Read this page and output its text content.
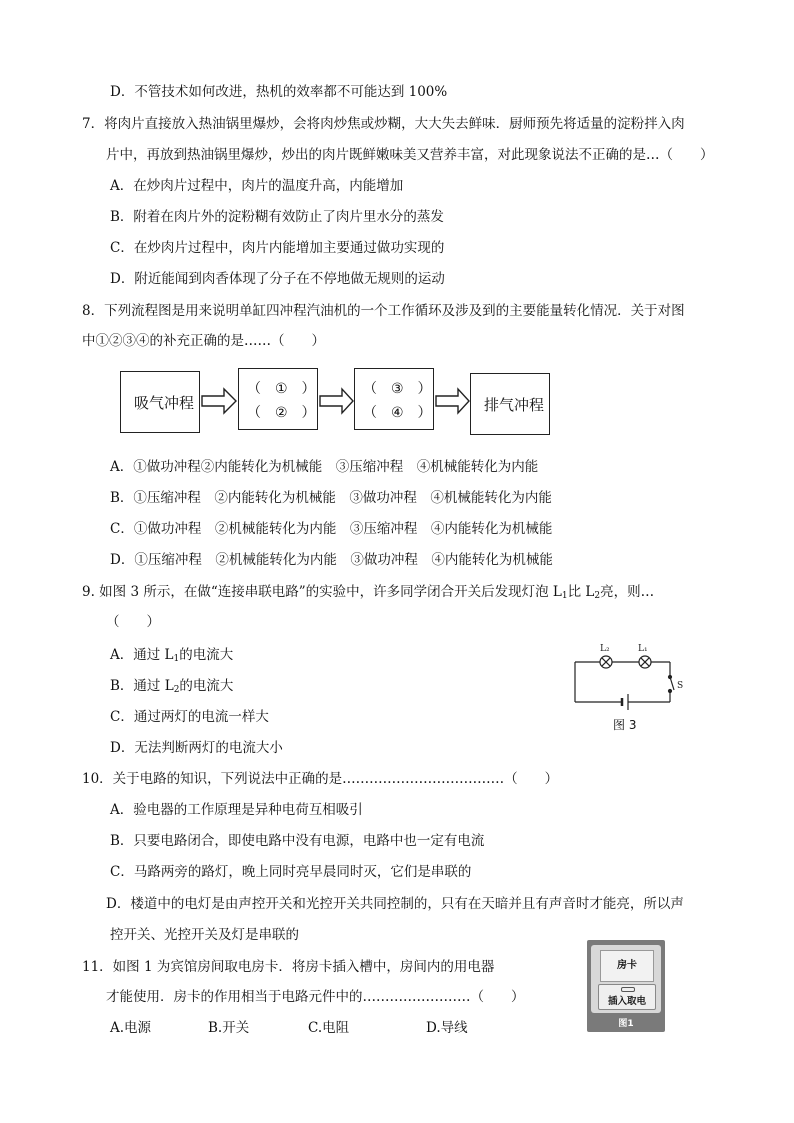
D．不管技术如何改进，热机的效率都不可能达到 100%
7．将肉片直接放入热油锅里爆炒，会将肉炒焦或炒糊，大大失去鲜味．厨师预先将适量的淀粉拌入肉
片中，再放到热油锅里爆炒，炒出的肉片既鲜嫩味美又营养丰富，对此现象说法不正确的是…（　　）
A．在炒肉片过程中，肉片的温度升高，内能增加
B．附着在肉片外的淀粉糊有效防止了肉片里水分的蒸发
C．在炒肉片过程中，肉片内能增加主要通过做功实现的
D．附近能闻到肉香体现了分子在不停地做无规则的运动
8．下列流程图是用来说明单缸四冲程汽油机的一个工作循环及涉及到的主要能量转化情况．关于对图
中①②③④的补充正确的是……（　　）
吸气冲程
（　①　）
（　②　）
（　③　）
（　④　）	排气冲程
A．①做功冲程②内能转化为机械能　③压缩冲程　④机械能转化为内能
B．①压缩冲程　②内能转化为机械能　③做功冲程　④机械能转化为内能
C．①做功冲程　②机械能转化为内能　③压缩冲程　④内能转化为机械能
D．①压缩冲程　②机械能转化为内能　③做功冲程　④内能转化为机械能
9. 如图 3 所示，在做“连接串联电路”的实验中，许多同学闭合开关后发现灯泡 $L_1$比 $L_2$亮，则…
（　　）
A．通过 $L_1$的电流大
B．通过 $L_2$的电流大
C．通过两灯的电流一样大
D．无法判断两灯的电流大小
L₂	L₁
S
图 3
10．关于电路的知识，下列说法中正确的是………………………………（　　）
A．验电器的工作原理是异种电荷互相吸引
B．只要电路闭合，即使电路中没有电源，电路中也一定有电流
C．马路两旁的路灯，晚上同时亮早晨同时灭，它们是串联的
D．楼道中的电灯是由声控开关和光控开关共同控制的，只有在天暗并且有声音时才能亮，所以声
控开关、光控开关及灯是串联的
11．如图 1 为宾馆房间取电房卡．将房卡插入槽中，房间内的用电器
才能使用．房卡的作用相当于电路元件中的……………………（　　）
A.电源	B.开关	C.电阻	D.导线
房卡
插入取电
图1
